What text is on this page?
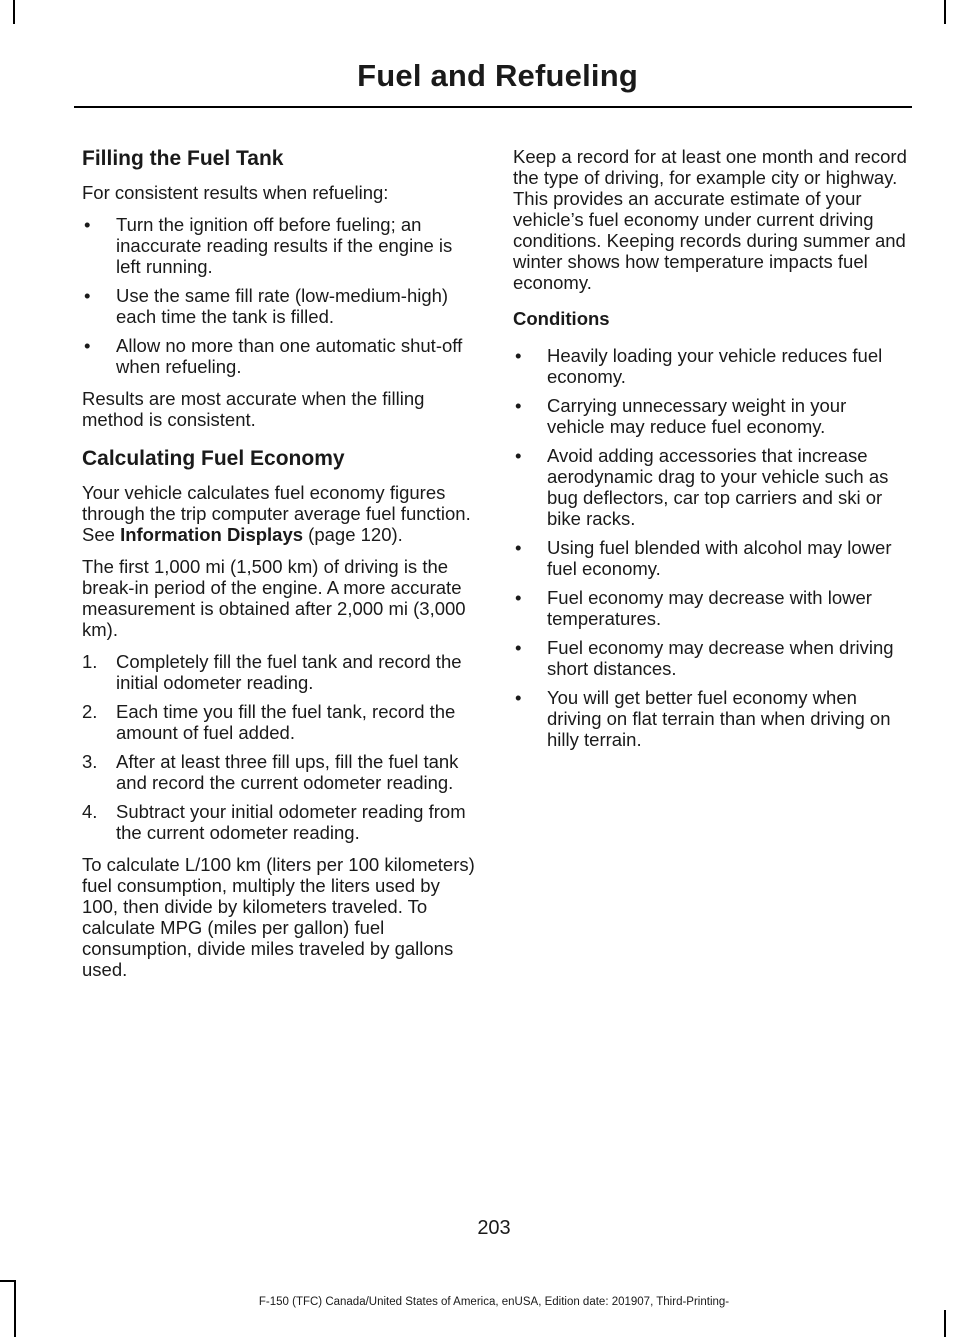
Fuel and Refueling
Filling the Fuel Tank

For consistent results when refueling:

• Turn the ignition off before fueling; an inaccurate reading results if the engine is left running.
• Use the same fill rate (low-medium-high) each time the tank is filled.
• Allow no more than one automatic shut-off when refueling.

Results are most accurate when the filling method is consistent.

Calculating Fuel Economy

Your vehicle calculates fuel economy figures through the trip computer average fuel function. See Information Displays (page 120).

The first 1,000 mi (1,500 km) of driving is the break-in period of the engine. A more accurate measurement is obtained after 2,000 mi (3,000 km).

1. Completely fill the fuel tank and record the initial odometer reading.
2. Each time you fill the fuel tank, record the amount of fuel added.
3. After at least three fill ups, fill the fuel tank and record the current odometer reading.
4. Subtract your initial odometer reading from the current odometer reading.

To calculate L/100 km (liters per 100 kilometers) fuel consumption, multiply the liters used by 100, then divide by kilometers traveled. To calculate MPG (miles per gallon) fuel consumption, divide miles traveled by gallons used.

Keep a record for at least one month and record the type of driving, for example city or highway. This provides an accurate estimate of your vehicle’s fuel economy under current driving conditions. Keeping records during summer and winter shows how temperature impacts fuel economy.

Conditions
• Heavily loading your vehicle reduces fuel economy.
• Carrying unnecessary weight in your vehicle may reduce fuel economy.
• Avoid adding accessories that increase aerodynamic drag to your vehicle such as bug deflectors, car top carriers and ski or bike racks.
• Using fuel blended with alcohol may lower fuel economy.
• Fuel economy may decrease with lower temperatures.
• Fuel economy may decrease when driving short distances.
• You will get better fuel economy when driving on flat terrain than when driving on hilly terrain.
203
F-150 (TFC) Canada/United States of America, enUSA, Edition date: 201907, Third-Printing-
